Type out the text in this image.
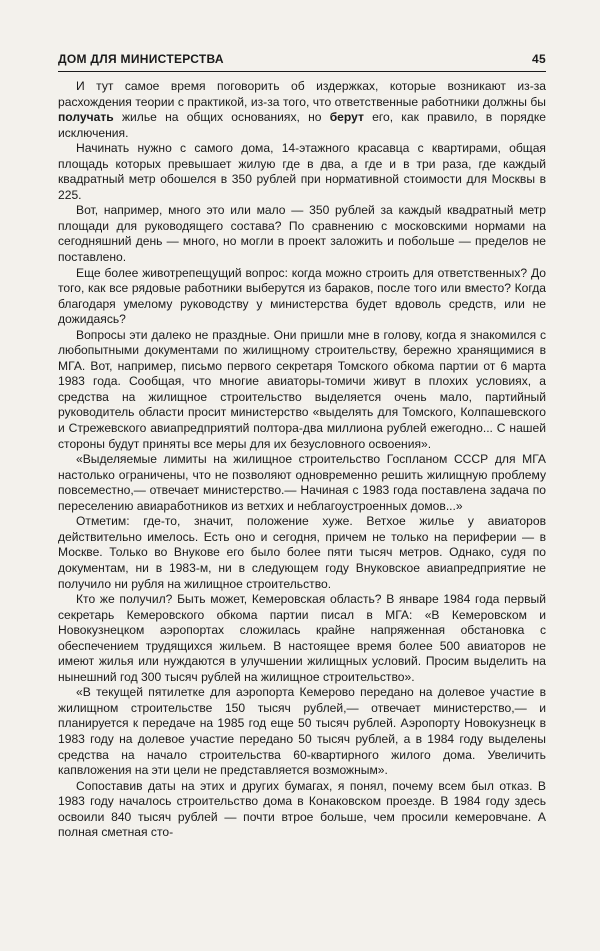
ДОМ ДЛЯ МИНИСТЕРСТВА	45

И тут самое время поговорить об издержках, которые возникают из-за расхождения теории с практикой, из-за того, что ответственные работники должны бы получать жилье на общих основаниях, но берут его, как правило, в порядке исключения.

Начинать нужно с самого дома, 14-этажного красавца с квартирами, общая площадь которых превышает жилую где в два, а где и в три раза, где каждый квадратный метр обошелся в 350 рублей при нормативной стоимости для Москвы в 225.

Вот, например, много это или мало — 350 рублей за каждый квадратный метр площади для руководящего состава? По сравнению с московскими нормами на сегодняшний день — много, но могли в проект заложить и побольше — пределов не поставлено.

Еще более животрепещущий вопрос: когда можно строить для ответственных? До того, как все рядовые работники выберутся из бараков, после того или вместо? Когда благодаря умелому руководству у министерства будет вдоволь средств, или не дожидаясь?

Вопросы эти далеко не праздные. Они пришли мне в голову, когда я знакомился с любопытными документами по жилищному строительству, бережно хранящимися в МГА. Вот, например, письмо первого секретаря Томского обкома партии от 6 марта 1983 года. Сообщая, что многие авиаторы-томичи живут в плохих условиях, а средства на жилищное строительство выделяется очень мало, партийный руководитель области просит министерство «выделять для Томского, Колпашевского и Стрежевского авиапредприятий полтора-два миллиона рублей ежегодно... С нашей стороны будут приняты все меры для их безусловного освоения».

«Выделяемые лимиты на жилищное строительство Госпланом СССР для МГА настолько ограничены, что не позволяют одновременно решить жилищную проблему повсеместно,— отвечает министерство.— Начиная с 1983 года поставлена задача по переселению авиаработников из ветхих и неблагоустроенных домов...»

Отметим: где-то, значит, положение хуже. Ветхое жилье у авиаторов действительно имелось. Есть оно и сегодня, причем не только на периферии — в Москве. Только во Внукове его было более пяти тысяч метров. Однако, судя по документам, ни в 1983-м, ни в следующем году Внуковское авиапредприятие не получило ни рубля на жилищное строительство.

Кто же получил? Быть может, Кемеровская область? В январе 1984 года первый секретарь Кемеровского обкома партии писал в МГА: «В Кемеровском и Новокузнецком аэропортах сложилась крайне напряженная обстановка с обеспечением трудящихся жильем. В настоящее время более 500 авиаторов не имеют жилья или нуждаются в улучшении жилищных условий. Просим выделить на нынешний год 300 тысяч рублей на жилищное строительство».

«В текущей пятилетке для аэропорта Кемерово передано на долевое участие в жилищном строительстве 150 тысяч рублей,— отвечает министерство,— и планируется к передаче на 1985 год еще 50 тысяч рублей. Аэропорту Новокузнецк в 1983 году на долевое участие передано 50 тысяч рублей, а в 1984 году выделены средства на начало строительства 60-квартирного жилого дома. Увеличить капвложения на эти цели не представляется возможным».

Сопоставив даты на этих и других бумагах, я понял, почему всем был отказ. В 1983 году началось строительство дома в Конаковском проезде. В 1984 году здесь освоили 840 тысяч рублей — почти втрое больше, чем просили кемеровчане. А полная сметная сто-
